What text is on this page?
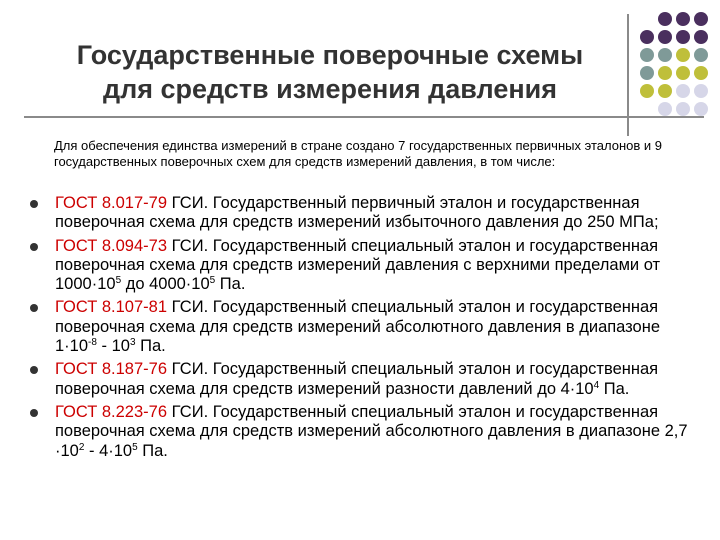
Государственные поверочные схемы
для средств измерения давления
Для обеспечения единства измерений в стране создано 7 государственных первичных эталонов и 9 государственных поверочных схем для средств измерений давления, в том числе:
ГОСТ 8.017-79 ГСИ. Государственный первичный эталон и государственная поверочная схема для средств измерений избыточного давления до 250 МПа;
ГОСТ 8.094-73 ГСИ. Государственный специальный эталон и государственная поверочная схема для средств измерений давления с верхними пределами от $1000\cdot 10^5$ до $4000\cdot 10^5$ Па.
ГОСТ 8.107-81 ГСИ. Государственный специальный эталон и государственная поверочная схема для средств измерений абсолютного давления в диапазоне $1\cdot 10^{-8} - 10^3$ Па.
ГОСТ 8.187-76 ГСИ. Государственный специальный эталон и государственная поверочная схема для средств измерений разности давлений до $4\cdot 10^4$ Па.
ГОСТ 8.223-76 ГСИ. Государственный специальный эталон и государственная поверочная схема для средств измерений абсолютного давления в диапазоне $2,7 \cdot 10^2 - 4\cdot 10^5$ Па.
